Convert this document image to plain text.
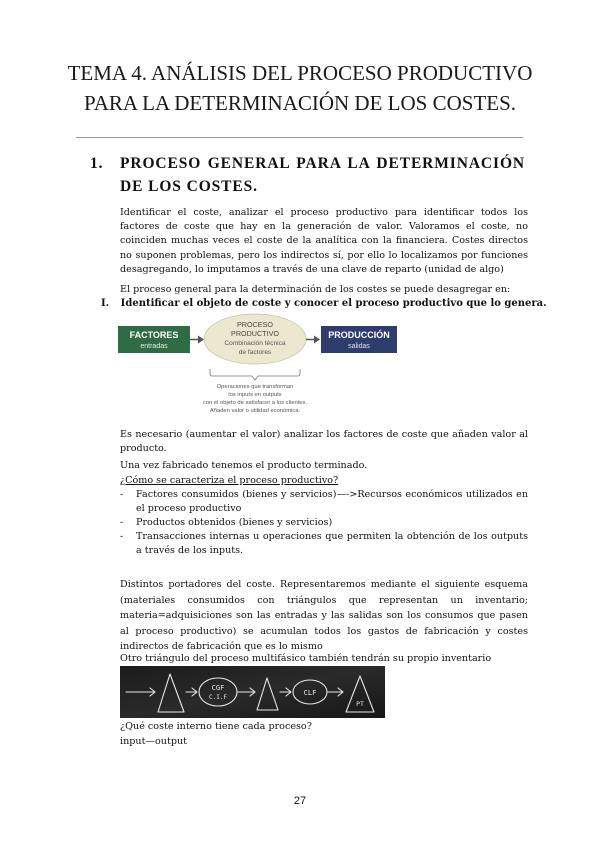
TEMA 4. ANÁLISIS DEL PROCESO PRODUCTIVO
PARA LA DETERMINACIÓN DE LOS COSTES.
1. PROCESO GENERAL PARA LA DETERMINACIÓN DE LOS COSTES.
Identificar el coste, analizar el proceso productivo para identificar todos los factores de coste que hay en la generación de valor. Valoramos el coste, no coinciden muchas veces el coste de la analítica con la financiera. Costes directos no suponen problemas, pero los indirectos sí, por ello lo localizamos por funciones desagregando, lo imputamos a través de una clave de reparto (unidad de algo)
El proceso general para la determinación de los costes se puede desagregar en:
I. Identificar el objeto de coste y conocer el proceso productivo que lo genera.
FACTORES
entradas
PROCESO
PRODUCTIVO
Combinación técnica
de factores
PRODUCCIÓN
salidas
Operaciones que transforman
los inputs en outputs
con el objeto de satisfacer a los clientes.
Añaden valor o utilidad económica.
Es necesario (aumentar el valor) analizar los factores de coste que añaden valor al producto.
Una vez fabricado tenemos el producto terminado.
¿Cómo se caracteriza el proceso productivo?
- Factores consumidos (bienes y servicios)—->Recursos económicos utilizados en el proceso productivo
- Productos obtenidos (bienes y servicios)
- Transacciones internas u operaciones que permiten la obtención de los outputs a través de los inputs.
Distintos portadores del coste. Representaremos mediante el siguiente esquema (materiales consumidos con triángulos que representan un inventario; materia=adquisiciones son las entradas y las salidas son los consumos que pasen al proceso productivo) se acumulan todos los gastos de fabricación y costes indirectos de fabricación que es lo mismo
Otro triángulo del proceso multifásico también tendrán su propio inventario
CGF
C.I.F
CLF
PT
¿Qué coste interno tiene cada proceso?
input—output
27
